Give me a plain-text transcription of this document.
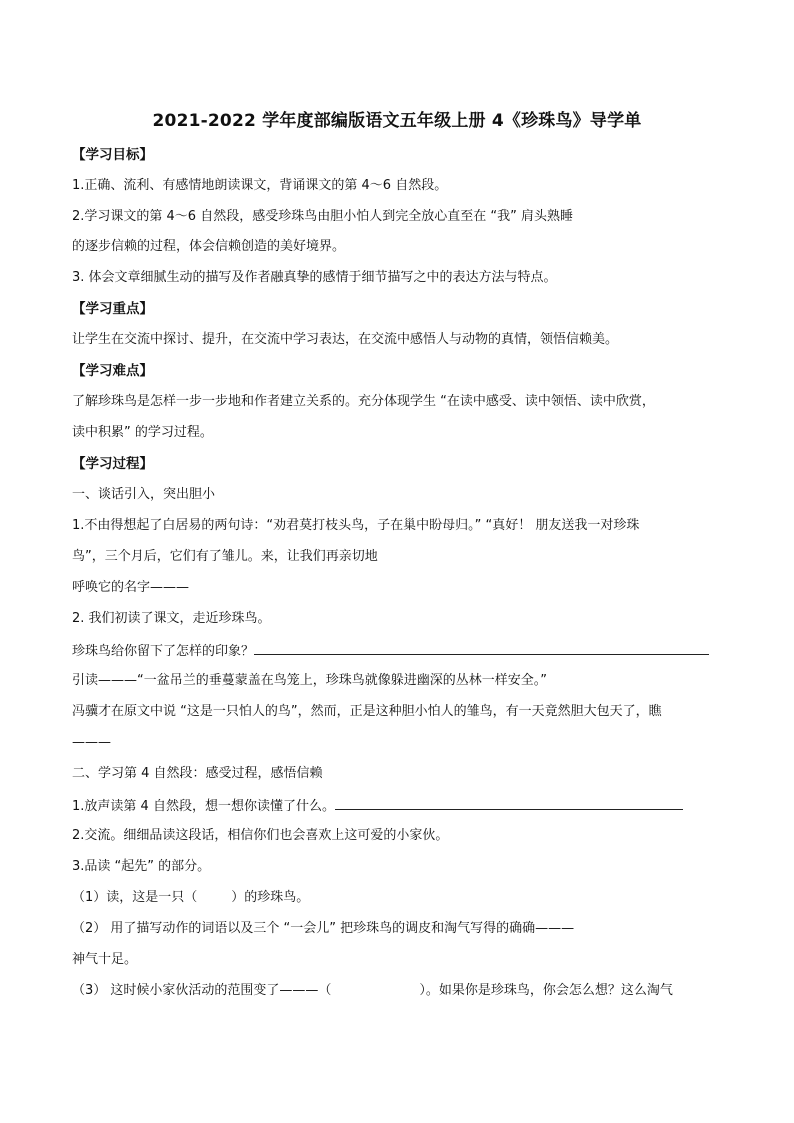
2021-2022 学年度部编版语文五年级上册 4《珍珠鸟》导学单
【学习目标】
1.正确、流利、有感情地朗读课文，背诵课文的第 4～6 自然段。
2.学习课文的第 4～6 自然段，感受珍珠鸟由胆小怕人到完全放心直至在 “我” 肩头熟睡
的逐步信赖的过程，体会信赖创造的美好境界。
3. 体会文章细腻生动的描写及作者融真挚的感情于细节描写之中的表达方法与特点。
【学习重点】
让学生在交流中探讨、提升，在交流中学习表达，在交流中感悟人与动物的真情，领悟信赖美。
【学习难点】
了解珍珠鸟是怎样一步一步地和作者建立关系的。充分体现学生 “在读中感受、读中领悟、读中欣赏，
读中积累” 的学习过程。
【学习过程】
一、谈话引入，突出胆小
1.不由得想起了白居易的两句诗：“劝君莫打枝头鸟，子在巢中盼母归。” “真好！ 朋友送我一对珍珠
鸟”，三个月后，它们有了雏儿。来，让我们再亲切地
呼唤它的名字———
2. 我们初读了课文，走近珍珠鸟。
珍珠鸟给你留下了怎样的印象？
引读———“一盆吊兰的垂蔓蒙盖在鸟笼上，珍珠鸟就像躲进幽深的丛林一样安全。”
冯骥才在原文中说 “这是一只怕人的鸟”，然而，正是这种胆小怕人的雏鸟，有一天竟然胆大包天了，瞧
———
二、学习第 4 自然段：感受过程，感悟信赖
1.放声读第 4 自然段，想一想你读懂了什么。
2.交流。细细品读这段话，相信你们也会喜欢上这可爱的小家伙。
3.品读 “起先” 的部分。
（1）读，这是一只（	）的珍珠鸟。
（2） 用了描写动作的词语以及三个 “一会儿” 把珍珠鸟的调皮和淘气写得的确确———
神气十足。
（3） 这时候小家伙活动的范围变了———（	）。如果你是珍珠鸟，你会怎么想？这么淘气
